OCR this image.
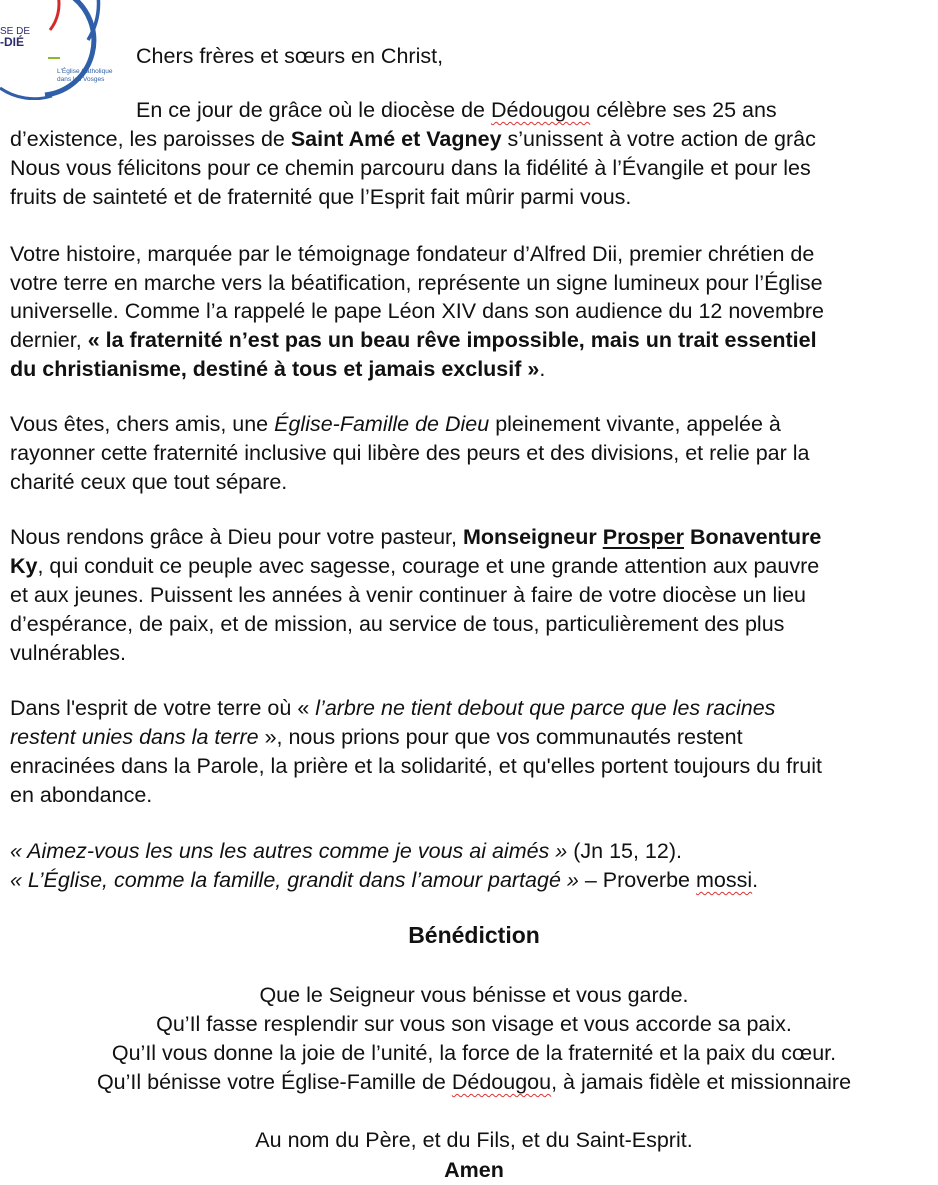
SE DE
-DIÉ
L'Église Catholique dans les Vosges
Chers frères et sœurs en Christ,
En ce jour de grâce où le diocèse de Dédougou célèbre ses 25 ans
d’existence, les paroisses de Saint Amé et Vagney s’unissent à votre action de grâc
Nous vous félicitons pour ce chemin parcouru dans la fidélité à l’Évangile et pour les
fruits de sainteté et de fraternité que l’Esprit fait mûrir parmi vous.
Votre histoire, marquée par le témoignage fondateur d’Alfred Dii, premier chrétien de
votre terre en marche vers la béatification, représente un signe lumineux pour l’Église
universelle. Comme l’a rappelé le pape Léon XIV dans son audience du 12 novembre
dernier, « la fraternité n’est pas un beau rêve impossible, mais un trait essentiel
du christianisme, destiné à tous et jamais exclusif ».
Vous êtes, chers amis, une Église-Famille de Dieu pleinement vivante, appelée à
rayonner cette fraternité inclusive qui libère des peurs et des divisions, et relie par la
charité ceux que tout sépare.
Nous rendons grâce à Dieu pour votre pasteur, Monseigneur Prosper Bonaventure
Ky, qui conduit ce peuple avec sagesse, courage et une grande attention aux pauvre
et aux jeunes. Puissent les années à venir continuer à faire de votre diocèse un lieu
d’espérance, de paix, et de mission, au service de tous, particulièrement des plus
vulnérables.
Dans l'esprit de votre terre où « l’arbre ne tient debout que parce que les racines
restent unies dans la terre », nous prions pour que vos communautés restent
enracinées dans la Parole, la prière et la solidarité, et qu'elles portent toujours du fruit
en abondance.
« Aimez-vous les uns les autres comme je vous ai aimés » (Jn 15, 12).
« L’Église, comme la famille, grandit dans l’amour partagé » – Proverbe mossi.
Bénédiction
Que le Seigneur vous bénisse et vous garde.
Qu’Il fasse resplendir sur vous son visage et vous accorde sa paix.
Qu’Il vous donne la joie de l’unité, la force de la fraternité et la paix du cœur.
Qu’Il bénisse votre Église-Famille de Dédougou, à jamais fidèle et missionnaire
Au nom du Père, et du Fils, et du Saint-Esprit.
Amen
